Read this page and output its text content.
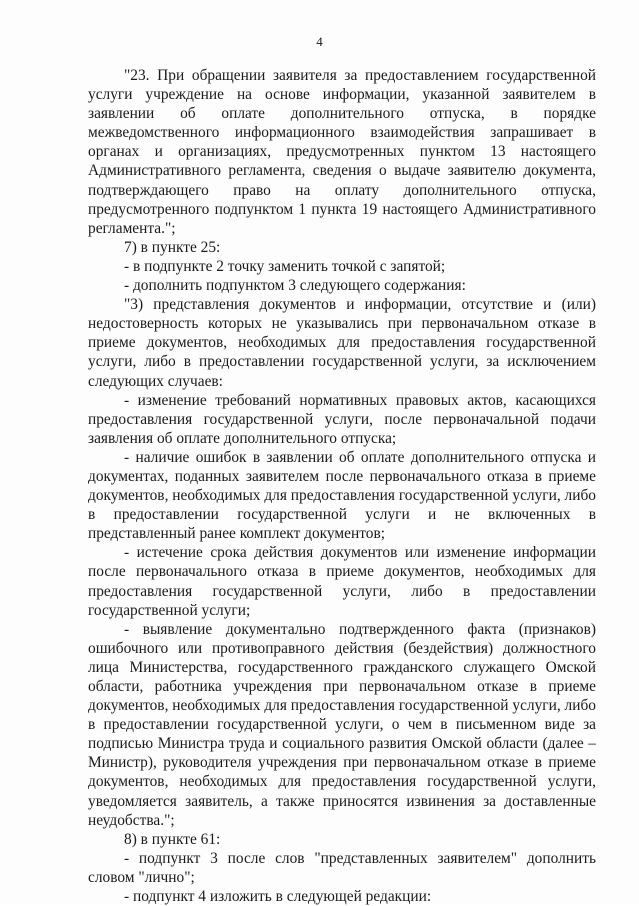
4

"23. При обращении заявителя за предоставлением государственной услуги учреждение на основе информации, указанной заявителем в заявлении об оплате дополнительного отпуска, в порядке межведомственного информационного взаимодействия запрашивает в органах и организациях, предусмотренных пунктом 13 настоящего Административного регламента, сведения о выдаче заявителю документа, подтверждающего право на оплату дополнительного отпуска, предусмотренного подпунктом 1 пункта 19 настоящего Административного регламента.";

7) в пункте 25:

- в подпункте 2 точку заменить точкой с запятой;

- дополнить подпунктом 3 следующего содержания:

"3) представления документов и информации, отсутствие и (или) недостоверность которых не указывались при первоначальном отказе в приеме документов, необходимых для предоставления государственной услуги, либо в предоставлении государственной услуги, за исключением следующих случаев:

- изменение требований нормативных правовых актов, касающихся предоставления государственной услуги, после первоначальной подачи заявления об оплате дополнительного отпуска;

- наличие ошибок в заявлении об оплате дополнительного отпуска и документах, поданных заявителем после первоначального отказа в приеме документов, необходимых для предоставления государственной услуги, либо в предоставлении государственной услуги и не включенных в представленный ранее комплект документов;

- истечение срока действия документов или изменение информации после первоначального отказа в приеме документов, необходимых для предоставления государственной услуги, либо в предоставлении государственной услуги;

- выявление документально подтвержденного факта (признаков) ошибочного или противоправного действия (бездействия) должностного лица Министерства, государственного гражданского служащего Омской области, работника учреждения при первоначальном отказе в приеме документов, необходимых для предоставления государственной услуги, либо в предоставлении государственной услуги, о чем в письменном виде за подписью Министра труда и социального развития Омской области (далее – Министр), руководителя учреждения при первоначальном отказе в приеме документов, необходимых для предоставления государственной услуги, уведомляется заявитель, а также приносятся извинения за доставленные неудобства.";

8) в пункте 61:

- подпункт 3 после слов "представленных заявителем" дополнить словом "лично";

- подпункт 4 изложить в следующей редакции:
